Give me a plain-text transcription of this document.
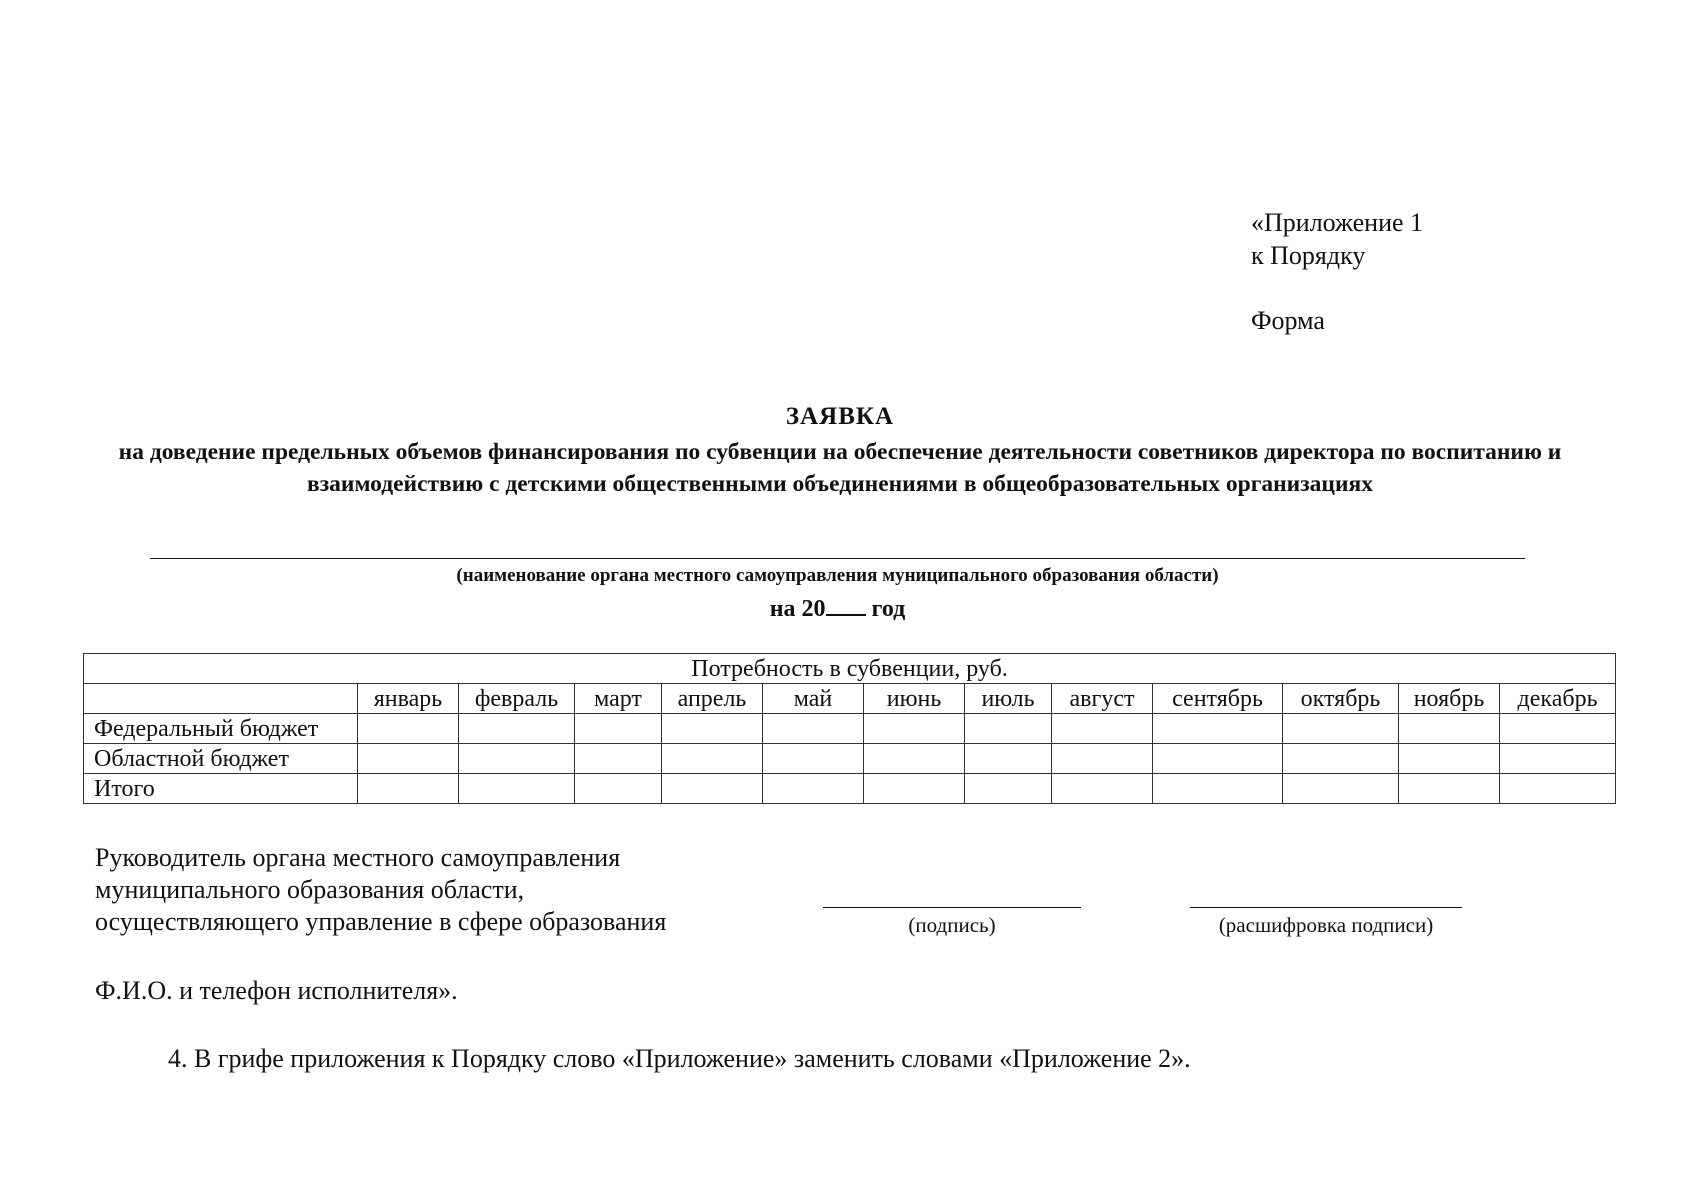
«Приложение 1
к Порядку
Форма
ЗАЯВКА
на доведение предельных объемов финансирования по субвенции на обеспечение деятельности советников директора по воспитанию и взаимодействию с детскими общественными объединениями в общеобразовательных организациях
(наименование органа местного самоуправления муниципального образования области)
на 20 год
Потребность в субвенции, руб.												
	январь	февраль	март	апрель	май	июнь	июль	август	сентябрь	октябрь	ноябрь	декабрь
Федеральный бюджет												
Областной бюджет												
Итого												
Руководитель органа местного самоуправления
муниципального образования области,
осуществляющего управление в сфере образования	(подпись)	(расшифровка подписи)
Ф.И.О. и телефон исполнителя».
4. В грифе приложения к Порядку слово «Приложение» заменить словами «Приложение 2».
